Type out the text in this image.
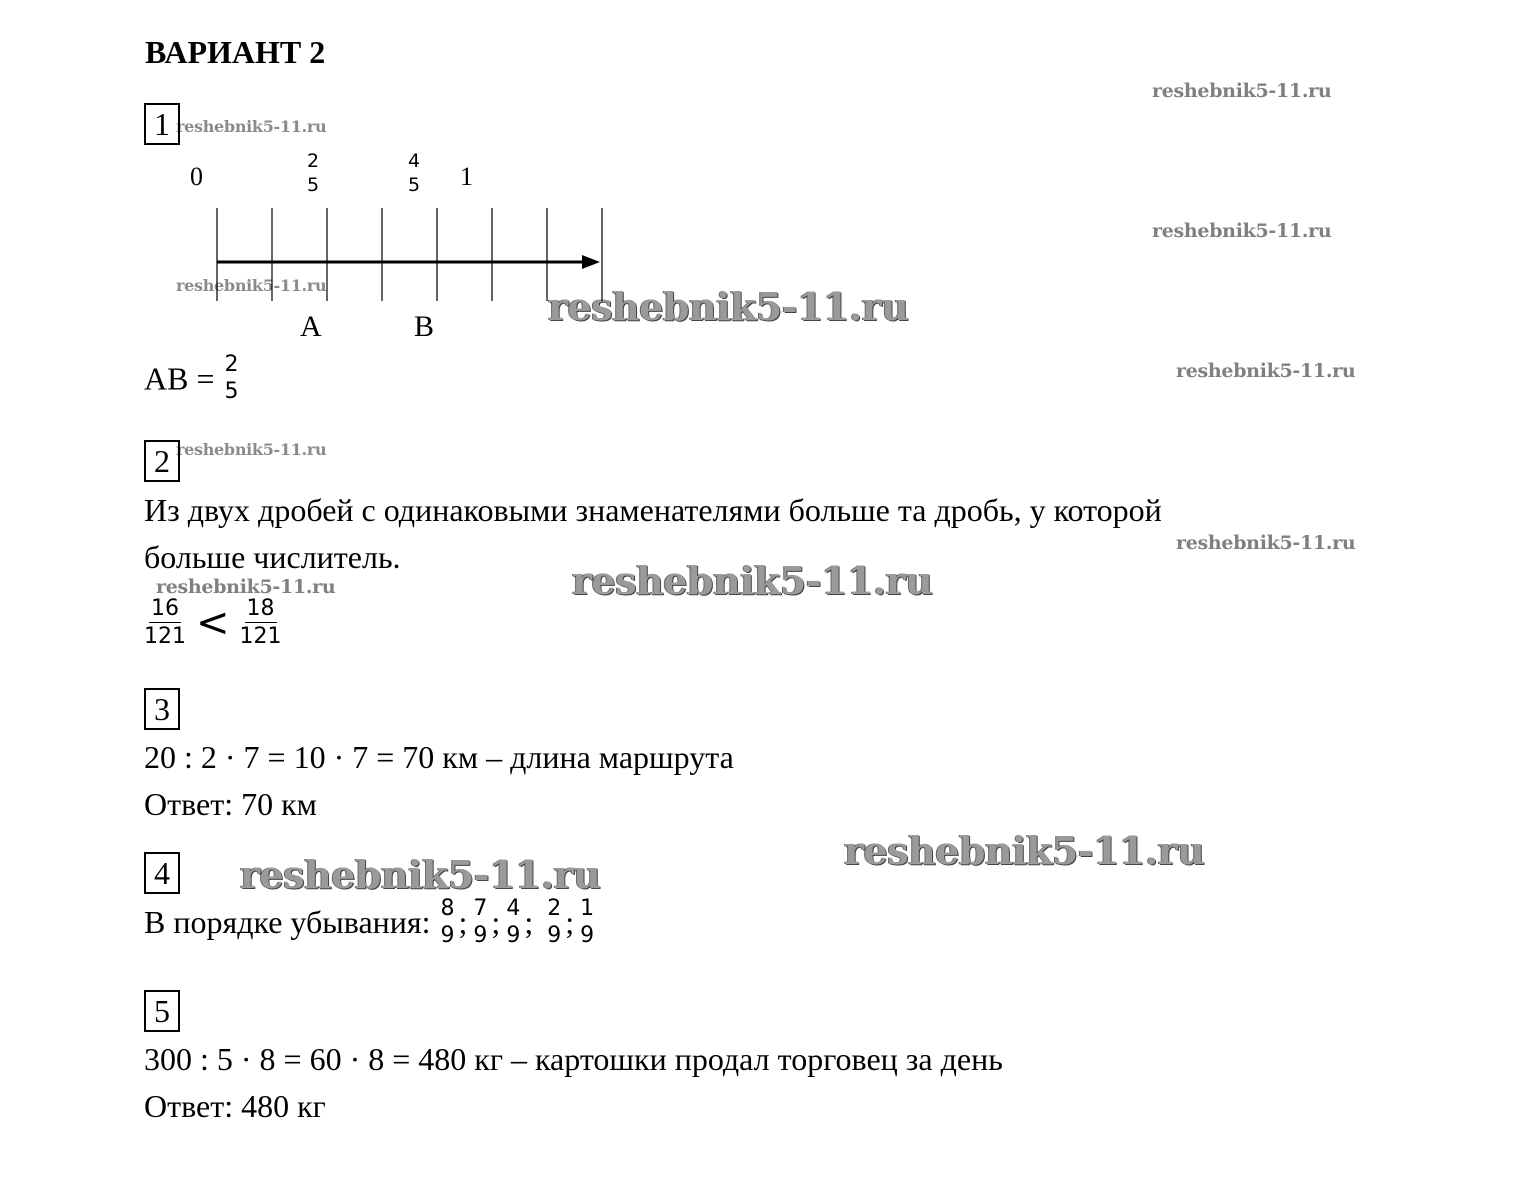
ВАРИАНТ 2
reshebnik5-11.ru
reshebnik5-11.ru
reshebnik5-11.ru
reshebnik5-11.ru
reshebnik5-11.ru
reshebnik5-11.ru
reshebnik5-11.ru
reshebnik5-11.ru
reshebnik5-11.ru
reshebnik5-11.ru
reshebnik5-11.ru
reshebnik5-11.ru
1
0
2
5
4
5 1
A	B
AB = 2
5
2
Из двух дробей с одинаковыми знаменателями больше та дробь, у которой
больше числитель.
$\frac{16}{121} < \frac{18}{121}$
3
20 : 2 · 7 = 10 · 7 = 70 км – длина маршрута
Ответ: 70 км
4
В порядке убывания: 8
9 ; 7
9 ; 4
9 ; 2
9 ; 1
9
5
300 : 5 · 8 = 60 · 8 = 480 кг – картошки продал торговец за день
Ответ: 480 кг
